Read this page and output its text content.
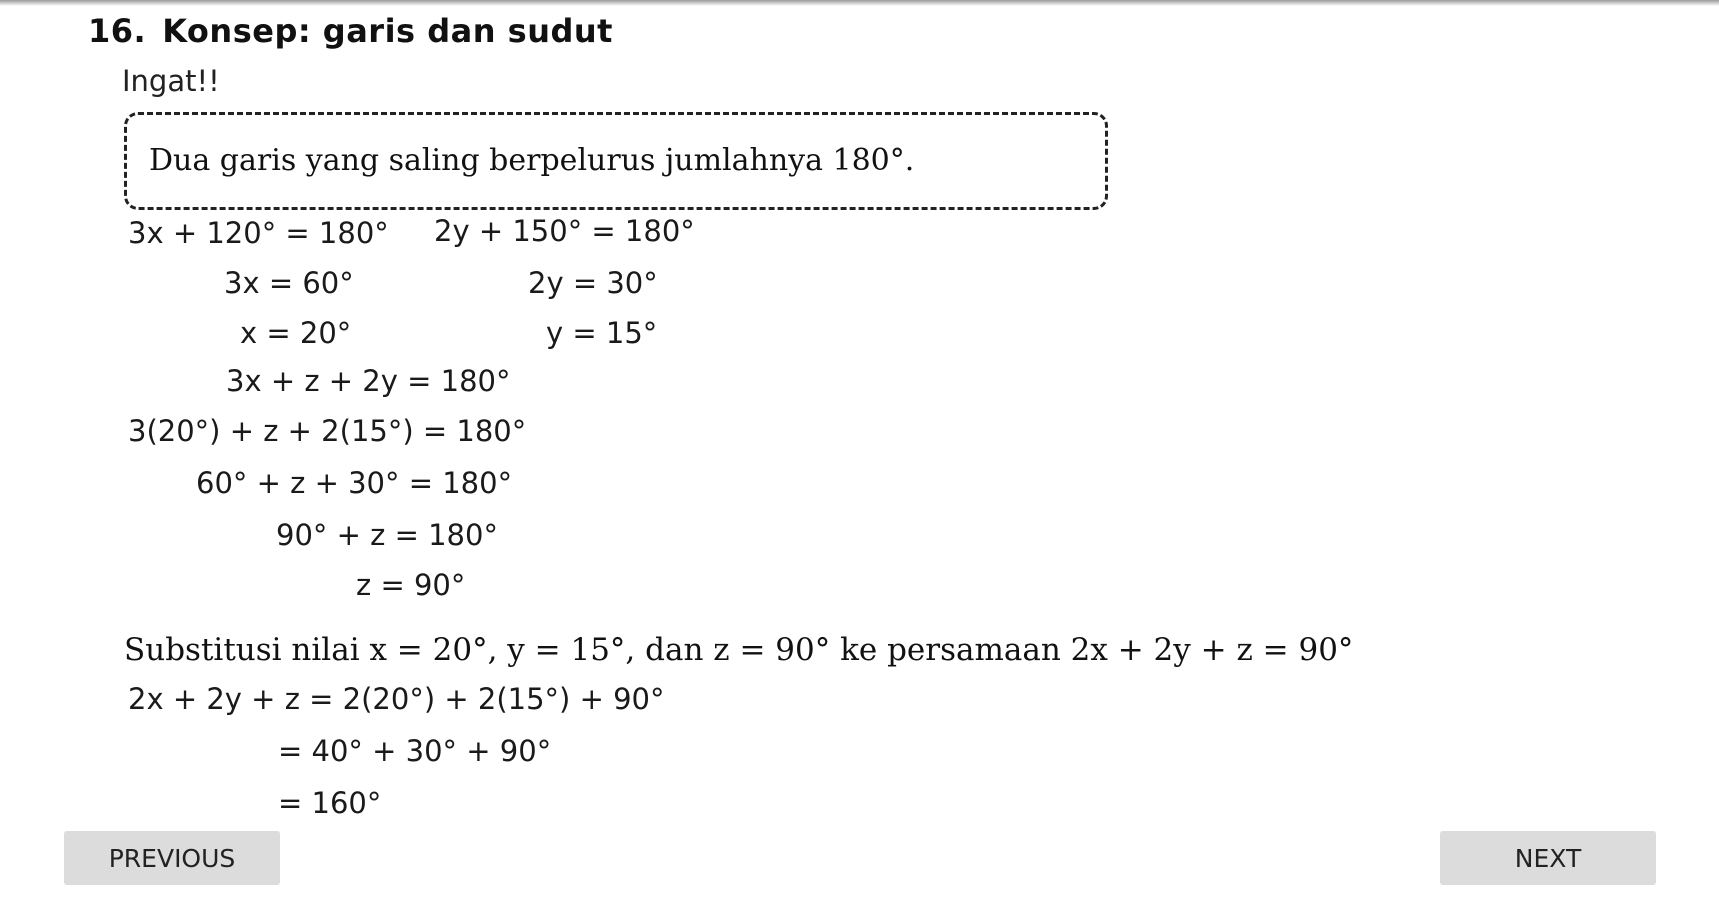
16. Konsep: garis dan sudut
Ingat!!
Dua garis yang saling berpelurus jumlahnya 180°.
3x + 120° = 180°
3x = 60°
x = 20°
2y + 150° = 180°
2y = 30°
y = 15°
3x + z + 2y = 180°
3(20°) + z + 2(15°) = 180°
60° + z + 30° = 180°
90° + z = 180°
z = 90°
Substitusi nilai x = 20°, y = 15°, dan z = 90° ke persamaan 2x + 2y + z = 90°
2x + 2y + z = 2(20°) + 2(15°) + 90°
= 40° + 30° + 90°
= 160°
PREVIOUS	NEXT
